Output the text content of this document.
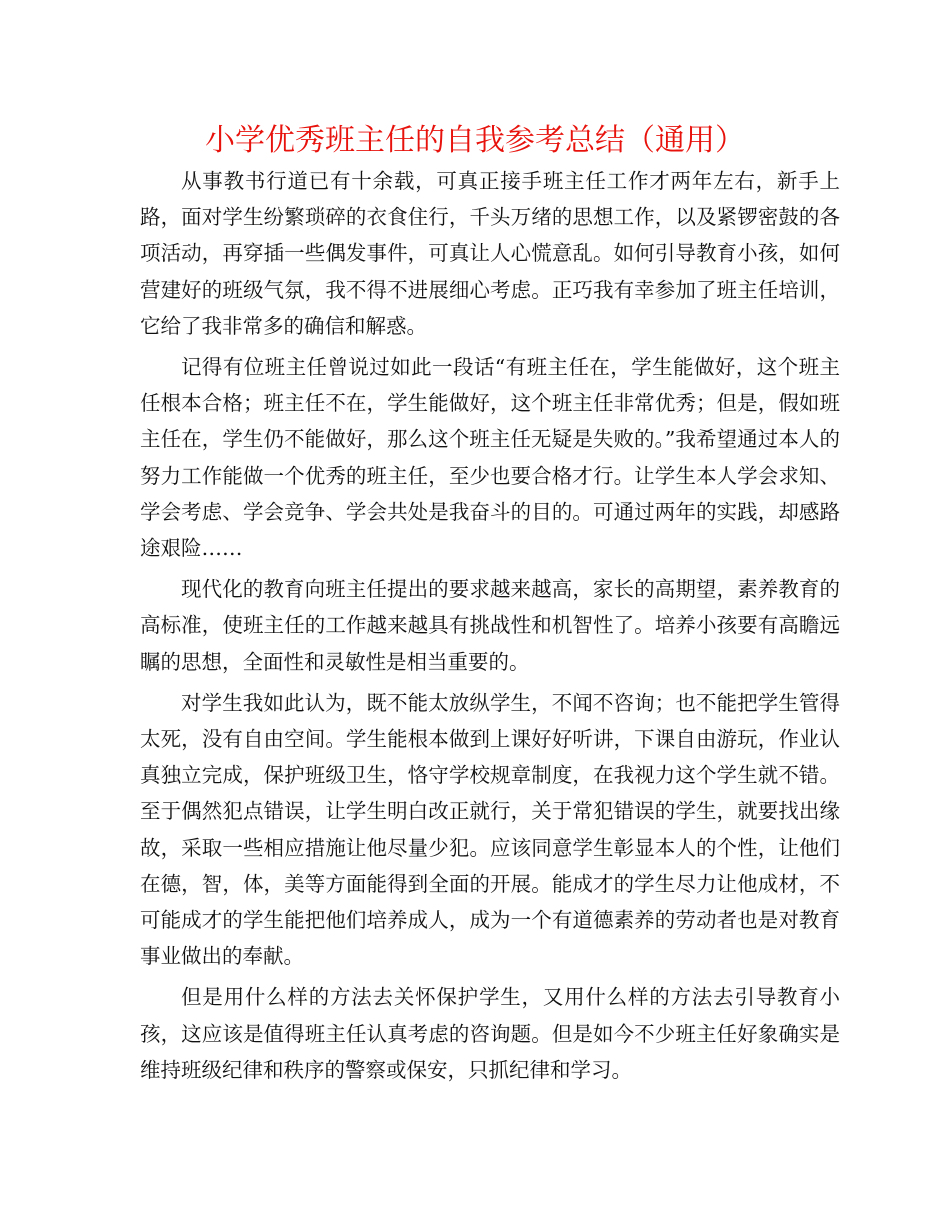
小学优秀班主任的自我参考总结（通用）

从事教书行道已有十余载，可真正接手班主任工作才两年左右，新手上路，面对学生纷繁琐碎的衣食住行，千头万绪的思想工作，以及紧锣密鼓的各项活动，再穿插一些偶发事件，可真让人心慌意乱。如何引导教育小孩，如何营建好的班级气氛，我不得不进展细心考虑。正巧我有幸参加了班主任培训，它给了我非常多的确信和解惑。

记得有位班主任曾说过如此一段话“有班主任在，学生能做好，这个班主任根本合格；班主任不在，学生能做好，这个班主任非常优秀；但是，假如班主任在，学生仍不能做好，那么这个班主任无疑是失败的。”我希望通过本人的努力工作能做一个优秀的班主任，至少也要合格才行。让学生本人学会求知、学会考虑、学会竞争、学会共处是我奋斗的目的。可通过两年的实践，却感路途艰险……

现代化的教育向班主任提出的要求越来越高，家长的高期望，素养教育的高标准，使班主任的工作越来越具有挑战性和机智性了。培养小孩要有高瞻远瞩的思想，全面性和灵敏性是相当重要的。

对学生我如此认为，既不能太放纵学生，不闻不咨询；也不能把学生管得太死，没有自由空间。学生能根本做到上课好好听讲，下课自由游玩，作业认真独立完成，保护班级卫生，恪守学校规章制度，在我视力这个学生就不错。至于偶然犯点错误，让学生明白改正就行，关于常犯错误的学生，就要找出缘故，采取一些相应措施让他尽量少犯。应该同意学生彰显本人的个性，让他们在德，智，体，美等方面能得到全面的开展。能成才的学生尽力让他成材，不可能成才的学生能把他们培养成人，成为一个有道德素养的劳动者也是对教育事业做出的奉献。

但是用什么样的方法去关怀保护学生，又用什么样的方法去引导教育小孩，这应该是值得班主任认真考虑的咨询题。但是如今不少班主任好象确实是维持班级纪律和秩序的警察或保安，只抓纪律和学习。
